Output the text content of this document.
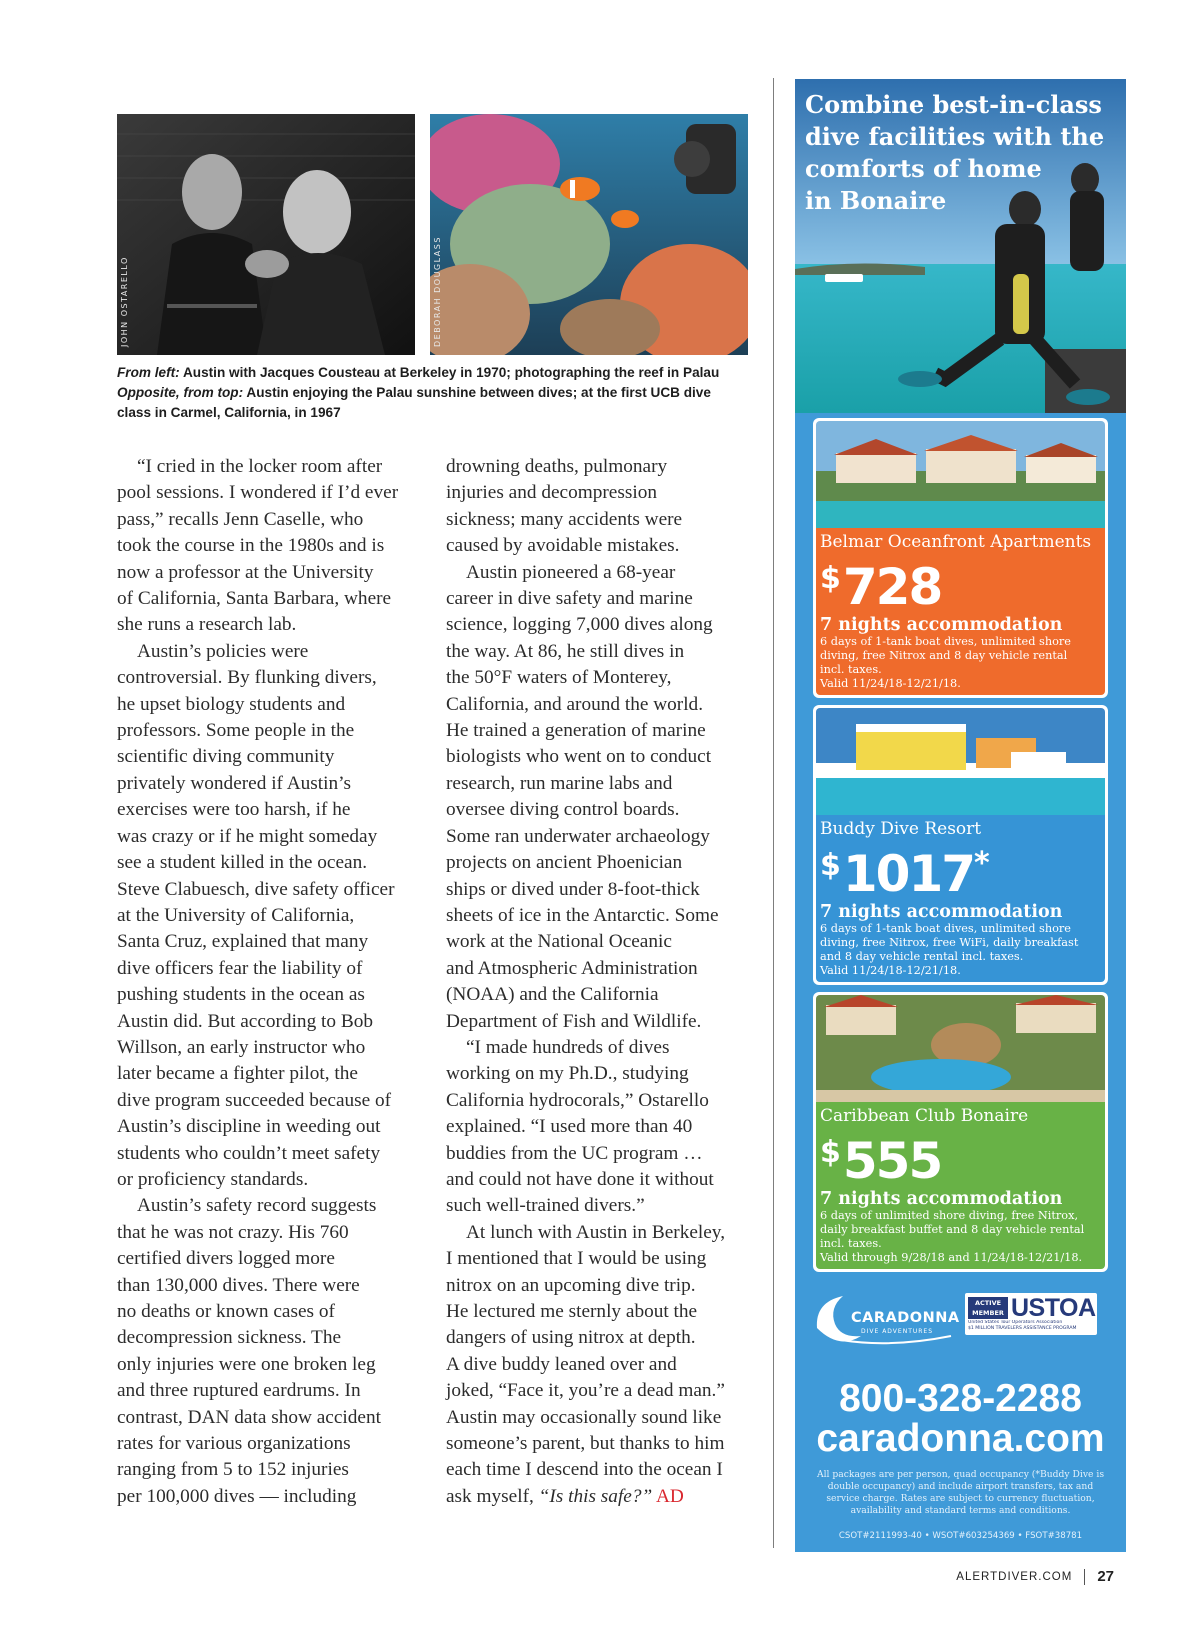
JOHN OSTARELLO	DEBORAH DOUGLASS
From left: Austin with Jacques Cousteau at Berkeley in 1970; photographing the reef in Palau
Opposite, from top: Austin enjoying the Palau sunshine between dives; at the first UCB dive
class in Carmel, California, in 1967
“I cried in the locker room after
pool sessions. I wondered if I’d ever
pass,” recalls Jenn Caselle, who
took the course in the 1980s and is
now a professor at the University
of California, Santa Barbara, where
she runs a research lab.
Austin’s policies were
controversial. By flunking divers,
he upset biology students and
professors. Some people in the
scientific diving community
privately wondered if Austin’s
exercises were too harsh, if he
was crazy or if he might someday
see a student killed in the ocean.
Steve Clabuesch, dive safety officer
at the University of California,
Santa Cruz, explained that many
dive officers fear the liability of
pushing students in the ocean as
Austin did. But according to Bob
Willson, an early instructor who
later became a fighter pilot, the
dive program succeeded because of
Austin’s discipline in weeding out
students who couldn’t meet safety
or proficiency standards.
Austin’s safety record suggests
that he was not crazy. His 760
certified divers logged more
than 130,000 dives. There were
no deaths or known cases of
decompression sickness. The
only injuries were one broken leg
and three ruptured eardrums. In
contrast, DAN data show accident
rates for various organizations
ranging from 5 to 152 injuries
per 100,000 dives — including
drowning deaths, pulmonary
injuries and decompression
sickness; many accidents were
caused by avoidable mistakes.
Austin pioneered a 68-year
career in dive safety and marine
science, logging 7,000 dives along
the way. At 86, he still dives in
the 50°F waters of Monterey,
California, and around the world.
He trained a generation of marine
biologists who went on to conduct
research, run marine labs and
oversee diving control boards.
Some ran underwater archaeology
projects on ancient Phoenician
ships or dived under 8-foot-thick
sheets of ice in the Antarctic. Some
work at the National Oceanic
and Atmospheric Administration
(NOAA) and the California
Department of Fish and Wildlife.
“I made hundreds of dives
working on my Ph.D., studying
California hydrocorals,” Ostarello
explained. “I used more than 40
buddies from the UC program …
and could not have done it without
such well-trained divers.”
At lunch with Austin in Berkeley,
I mentioned that I would be using
nitrox on an upcoming dive trip.
He lectured me sternly about the
dangers of using nitrox at depth.
A dive buddy leaned over and
joked, “Face it, you’re a dead man.”
Austin may occasionally sound like
someone’s parent, but thanks to him
each time I descend into the ocean I
ask myself, “Is this safe?” AD
Combine best-in-class
dive facilities with the
comforts of home
in Bonaire
Belmar Oceanfront Apartments
$728
7 nights accommodation
6 days of 1-tank boat dives, unlimited shore
diving, free Nitrox and 8 day vehicle rental
incl. taxes.
Valid 11/24/18-12/21/18.
Buddy Dive Resort
$1017*
7 nights accommodation
6 days of 1-tank boat dives, unlimited shore
diving, free Nitrox, free WiFi, daily breakfast
and 8 day vehicle rental incl. taxes.
Valid 11/24/18-12/21/18.
Caribbean Club Bonaire
$555
7 nights accommodation
6 days of unlimited shore diving, free Nitrox,
daily breakfast buffet and 8 day vehicle rental
incl. taxes.
Valid through 9/28/18 and 11/24/18-12/21/18.
CARADONNA
DIVE ADVENTURES
ACTIVE
MEMBER USTOA
United States Tour Operators Association
$1 MILLION TRAVELERS ASSISTANCE PROGRAM
800-328-2288
caradonna.com
All packages are per person, quad occupancy (*Buddy Dive is
double occupancy) and include airport transfers, tax and
service charge. Rates are subject to currency fluctuation,
availability and standard terms and conditions.
CSOT#2111993-40 • WSOT#603254369 • FSOT#38781
ALERTDIVER.COM 27
